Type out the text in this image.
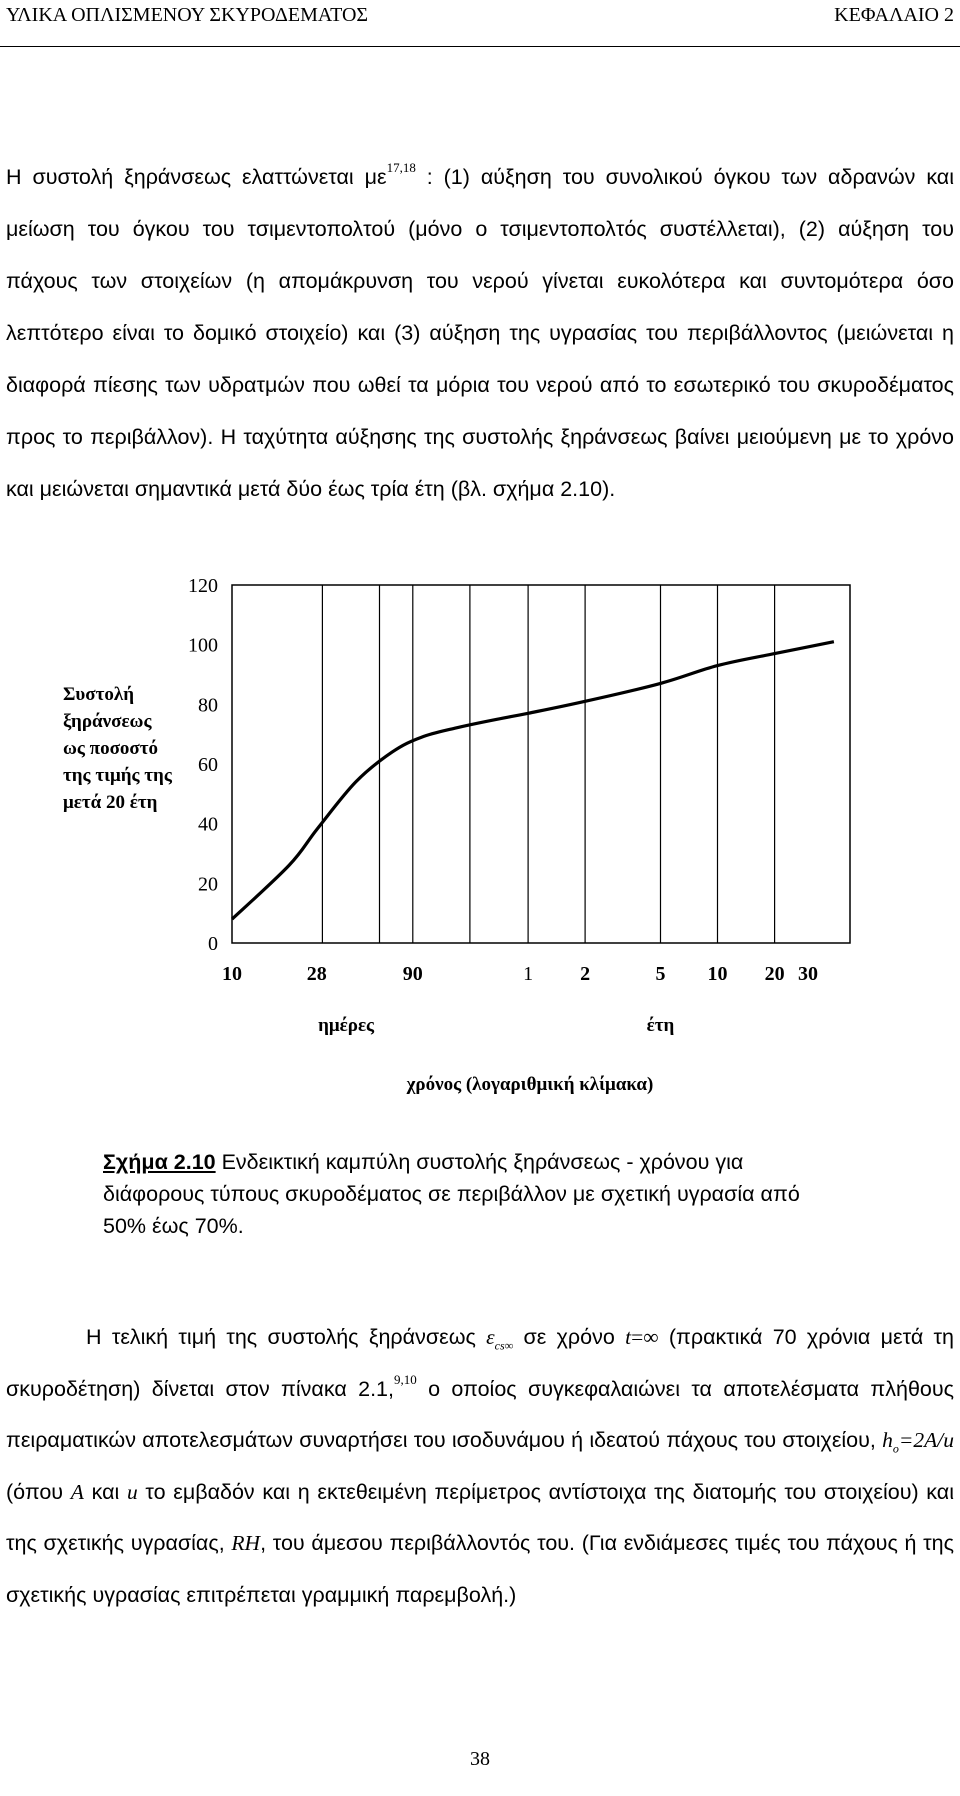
ΥΛΙΚΑ ΟΠΛΙΣΜΕΝΟΥ ΣΚΥΡΟΔΕΜΑΤΟΣ	ΚΕΦΑΛΑΙΟ 2

Η συστολή ξηράνσεως ελαττώνεται με$^{17,18}$ : (1) αύξηση του συνολικού όγκου των αδρανών και μείωση του όγκου του τσιμεντοπολτού (μόνο ο τσιμεντοπολτός συστέλλεται), (2) αύξηση του πάχους των στοιχείων (η απομάκρυνση του νερού γίνεται ευκολότερα και συντομότερα όσο λεπτότερο είναι το δομικό στοιχείο) και (3) αύξηση της υγρασίας του περιβάλλοντος (μειώνεται η διαφορά πίεσης των υδρατμών που ωθεί τα μόρια του νερού από το εσωτερικό του σκυροδέματος προς το περιβάλλον). Η ταχύτητα αύξησης της συστολής ξηράνσεως βαίνει μειούμενη με το χρόνο και μειώνεται σημαντικά μετά δύο έως τρία έτη (βλ. σχήμα 2.10).

0
20
40
60
80
100
120
10	28	90	1 2	5 10 20 30
Συστολή
ξηράνσεως
ως ποσοστό
της τιμής της
μετά 20 έτη
ημέρες	έτη
χρόνος (λογαριθμική κλίμακα)

Σχήμα 2.10 Ενδεικτική καμπύλη συστολής ξηράνσεως - χρόνου για διάφορους τύπους σκυροδέματος σε περιβάλλον με σχετική υγρασία από 50% έως 70%.

Η τελική τιμή της συστολής ξηράνσεως $\varepsilon_{cs\infty}$ σε χρόνο t=∞ (πρακτικά 70 χρόνια μετά τη σκυροδέτηση) δίνεται στον πίνακα 2.1,$^{9,10}$ ο οποίος συγκεφαλαιώνει τα αποτελέσματα πλήθους πειραματικών αποτελεσμάτων συναρτήσει του ισοδυνάμου ή ιδεατού πάχους του στοιχείου, $h_o=2A/u$ (όπου A και u το εμβαδόν και η εκτεθειμένη περίμετρος αντίστοιχα της διατομής του στοιχείου) και της σχετικής υγρασίας, RH, του άμεσου περιβάλλοντός του. (Για ενδιάμεσες τιμές του πάχους ή της σχετικής υγρασίας επιτρέπεται γραμμική παρεμβολή.)

38
